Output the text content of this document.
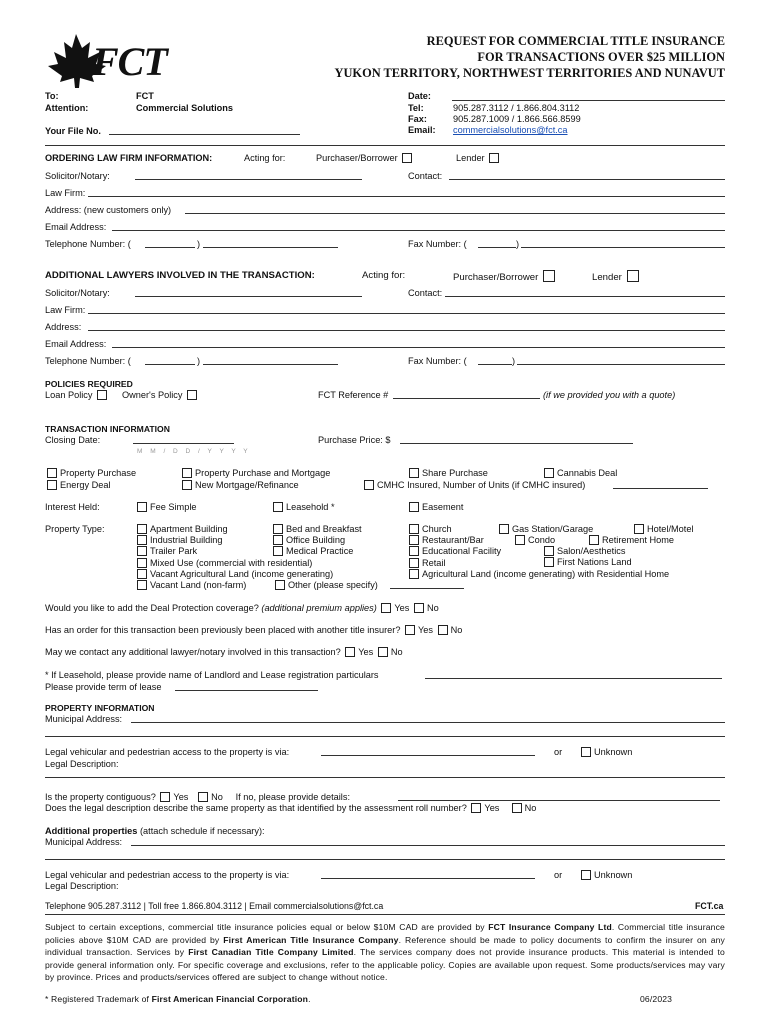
FCT	REQUEST FOR COMMERCIAL TITLE INSURANCE
FOR TRANSACTIONS OVER $25 MILLION
YUKON TERRITORY, NORTHWEST TERRITORIES AND NUNAVUT
To:	FCT
Attention:	Commercial Solutions
Your File No.
Date:
Tel:	905.287.3112 / 1.866.804.3112
Fax:	905.287.1009 / 1.866.566.8599
Email: commercialsolutions@fct.ca
ORDERING LAW FIRM INFORMATION:	Acting for:	Purchaser/Borrower	Lender
Solicitor/Notary:	Contact:
Law Firm:
Address: (new customers only)
Email Address:
Telephone Number: (	)	Fax Number: (	)
ADDITIONAL LAWYERS INVOLVED IN THE TRANSACTION:	Acting for:	Purchaser/Borrower	Lender
Solicitor/Notary:	Contact:
Law Firm:
Address:
Email Address:
Telephone Number: (	)	Fax Number: (	)
POLICIES REQUIRED
Loan Policy	Owner's Policy	FCT Reference #	(if we provided you with a quote)
TRANSACTION INFORMATION
Closing Date:
M M / D D / Y Y Y Y
Purchase Price: $
Property Purchase
Energy Deal
Property Purchase and Mortgage
New Mortgage/Refinance
Share Purchase
CMHC Insured, Number of Units (if CMHC insured)
Cannabis Deal
Interest Held:	Fee Simple	Leasehold *	Easement
Property Type:	Apartment Building
Industrial Building
Trailer Park
Mixed Use (commercial with residential)
Vacant Agricultural Land (income generating)
Vacant Land (non-farm)
Bed and Breakfast
Office Building
Medical Practice
Other (please specify)
Church
Restaurant/Bar
Educational Facility
Retail
Agricultural Land (income generating) with Residential Home
Gas Station/Garage
Condo
Salon/Aesthetics
First Nations Land
Hotel/Motel
Retirement Home
Would you like to add the Deal Protection coverage? (additional premium applies) Yes No
Has an order for this transaction been previously been placed with another title insurer? Yes No
May we contact any additional lawyer/notary involved in this transaction? Yes No
* If Leasehold, please provide name of Landlord and Lease registration particulars
Please provide term of lease
PROPERTY INFORMATION
Municipal Address:
Legal vehicular and pedestrian access to the property is via:	or	Unknown
Legal Description:
Is the property contiguous? Yes No If no, please provide details:
Does the legal description describe the same property as that identified by the assessment roll number? Yes	No
Additional properties (attach schedule if necessary):
Municipal Address:
Legal vehicular and pedestrian access to the property is via:	or	Unknown
Legal Description:
Telephone 905.287.3112 | Toll free 1.866.804.3112 | Email commercialsolutions@fct.ca	FCT.ca
Subject to certain exceptions, commercial title insurance policies equal or below $10M CAD are provided by FCT Insurance Company Ltd. Commercial title insurance policies above $10M CAD are provided by First American Title Insurance Company. Reference should be made to policy documents to confirm the insurer on any individual transaction. Services by First Canadian Title Company Limited. The services company does not provide insurance products. This material is intended to provide general information only. For specific coverage and exclusions, refer to the applicable policy. Copies are available upon request. Some products/services may vary by province. Prices and products/services offered are subject to change without notice.
* Registered Trademark of First American Financial Corporation.	06/2023
